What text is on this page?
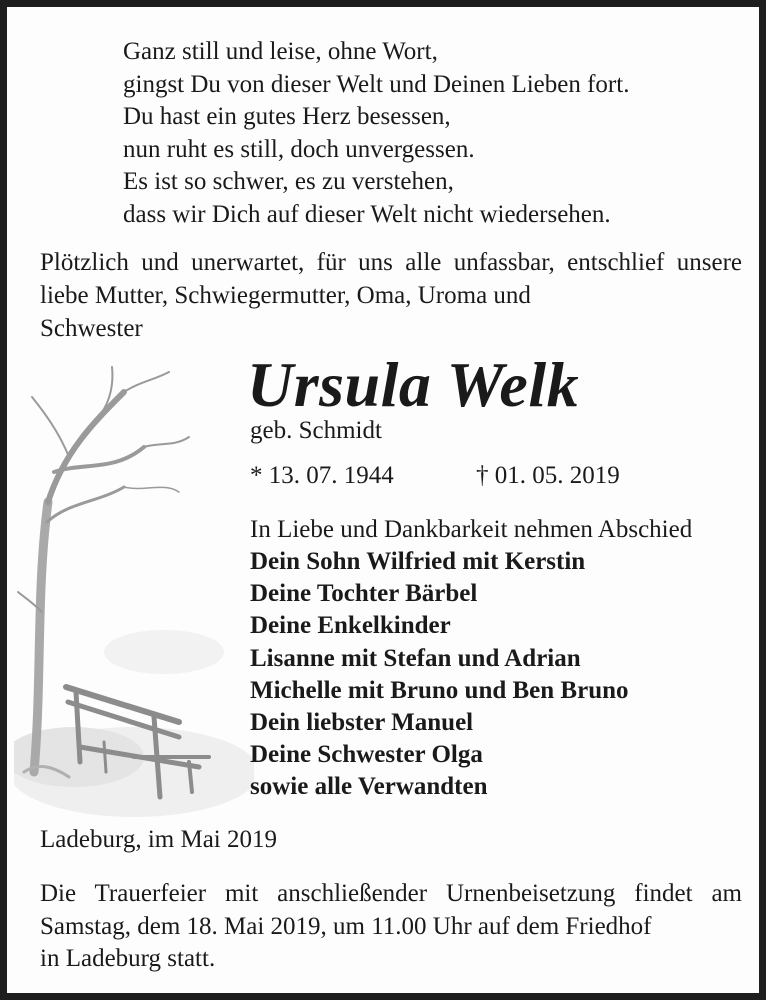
Ganz still und leise, ohne Wort,
gingst Du von dieser Welt und Deinen Lieben fort.
Du hast ein gutes Herz besessen,
nun ruht es still, doch unvergessen.
Es ist so schwer, es zu verstehen,
dass wir Dich auf dieser Welt nicht wiedersehen.
Plötzlich und unerwartet, für uns alle unfassbar, entschlief unsere liebe Mutter, Schwiegermutter, Oma, Uroma und
Schwester
Ursula Welk
geb. Schmidt
* 13. 07. 1944	† 01. 05. 2019
In Liebe und Dankbarkeit nehmen Abschied
Dein Sohn Wilfried mit Kerstin
Deine Tochter Bärbel
Deine Enkelkinder
Lisanne mit Stefan und Adrian
Michelle mit Bruno und Ben Bruno
Dein liebster Manuel
Deine Schwester Olga
sowie alle Verwandten
Ladeburg, im Mai 2019
Die Trauerfeier mit anschließender Urnenbeisetzung findet am Samstag, dem 18. Mai 2019, um 11.00 Uhr auf dem Friedhof
in Ladeburg statt.
